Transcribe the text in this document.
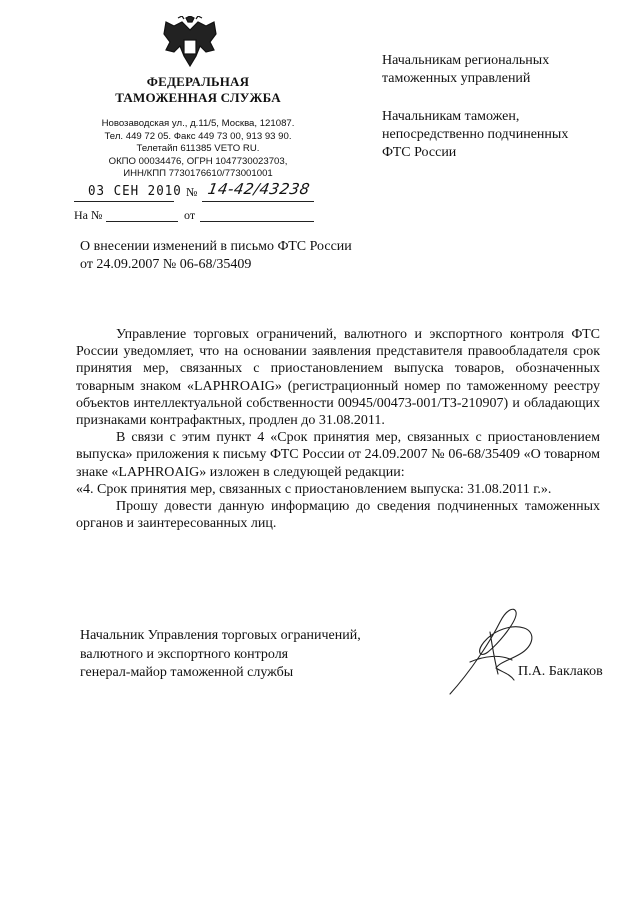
ФЕДЕРАЛЬНАЯ
ТАМОЖЕННАЯ СЛУЖБА
Новозаводская ул., д.11/5, Москва, 121087.
Тел. 449 72 05. Факс 449 73 00, 913 93 90.
Телетайп 611385 VETO RU.
ОКПО 00034476, ОГРН 1047730023703,
ИНН/КПП 7730176610/773001001
03 СЕН 2010 № 14-42/43238
На №	от
Начальникам региональных таможенных управлений
Начальникам таможен, непосредственно подчиненных ФТС России
О внесении изменений в письмо ФТС России от 24.09.2007 № 06-68/35409

Управление торговых ограничений, валютного и экспортного контроля ФТС России уведомляет, что на основании заявления представителя правообладателя срок принятия мер, связанных с приостановлением выпуска товаров, обозначенных товарным знаком «LAPHROAIG» (регистрационный номер по таможенному реестру объектов интеллектуальной собственности 00945/00473-001/ТЗ-210907) и обладающих признаками контрафактных, продлен до 31.08.2011.

В связи с этим пункт 4 «Срок принятия мер, связанных с приостановлением выпуска» приложения к письму ФТС России от 24.09.2007 № 06-68/35409 «О товарном знаке «LAPHROAIG» изложен в следующей редакции:

«4. Срок принятия мер, связанных с приостановлением выпуска: 31.08.2011 г.».

Прошу довести данную информацию до сведения подчиненных таможенных органов и заинтересованных лиц.

Начальник Управления торговых ограничений,
валютного и экспортного контроля
генерал-майор таможенной службы	П.А. Баклаков
